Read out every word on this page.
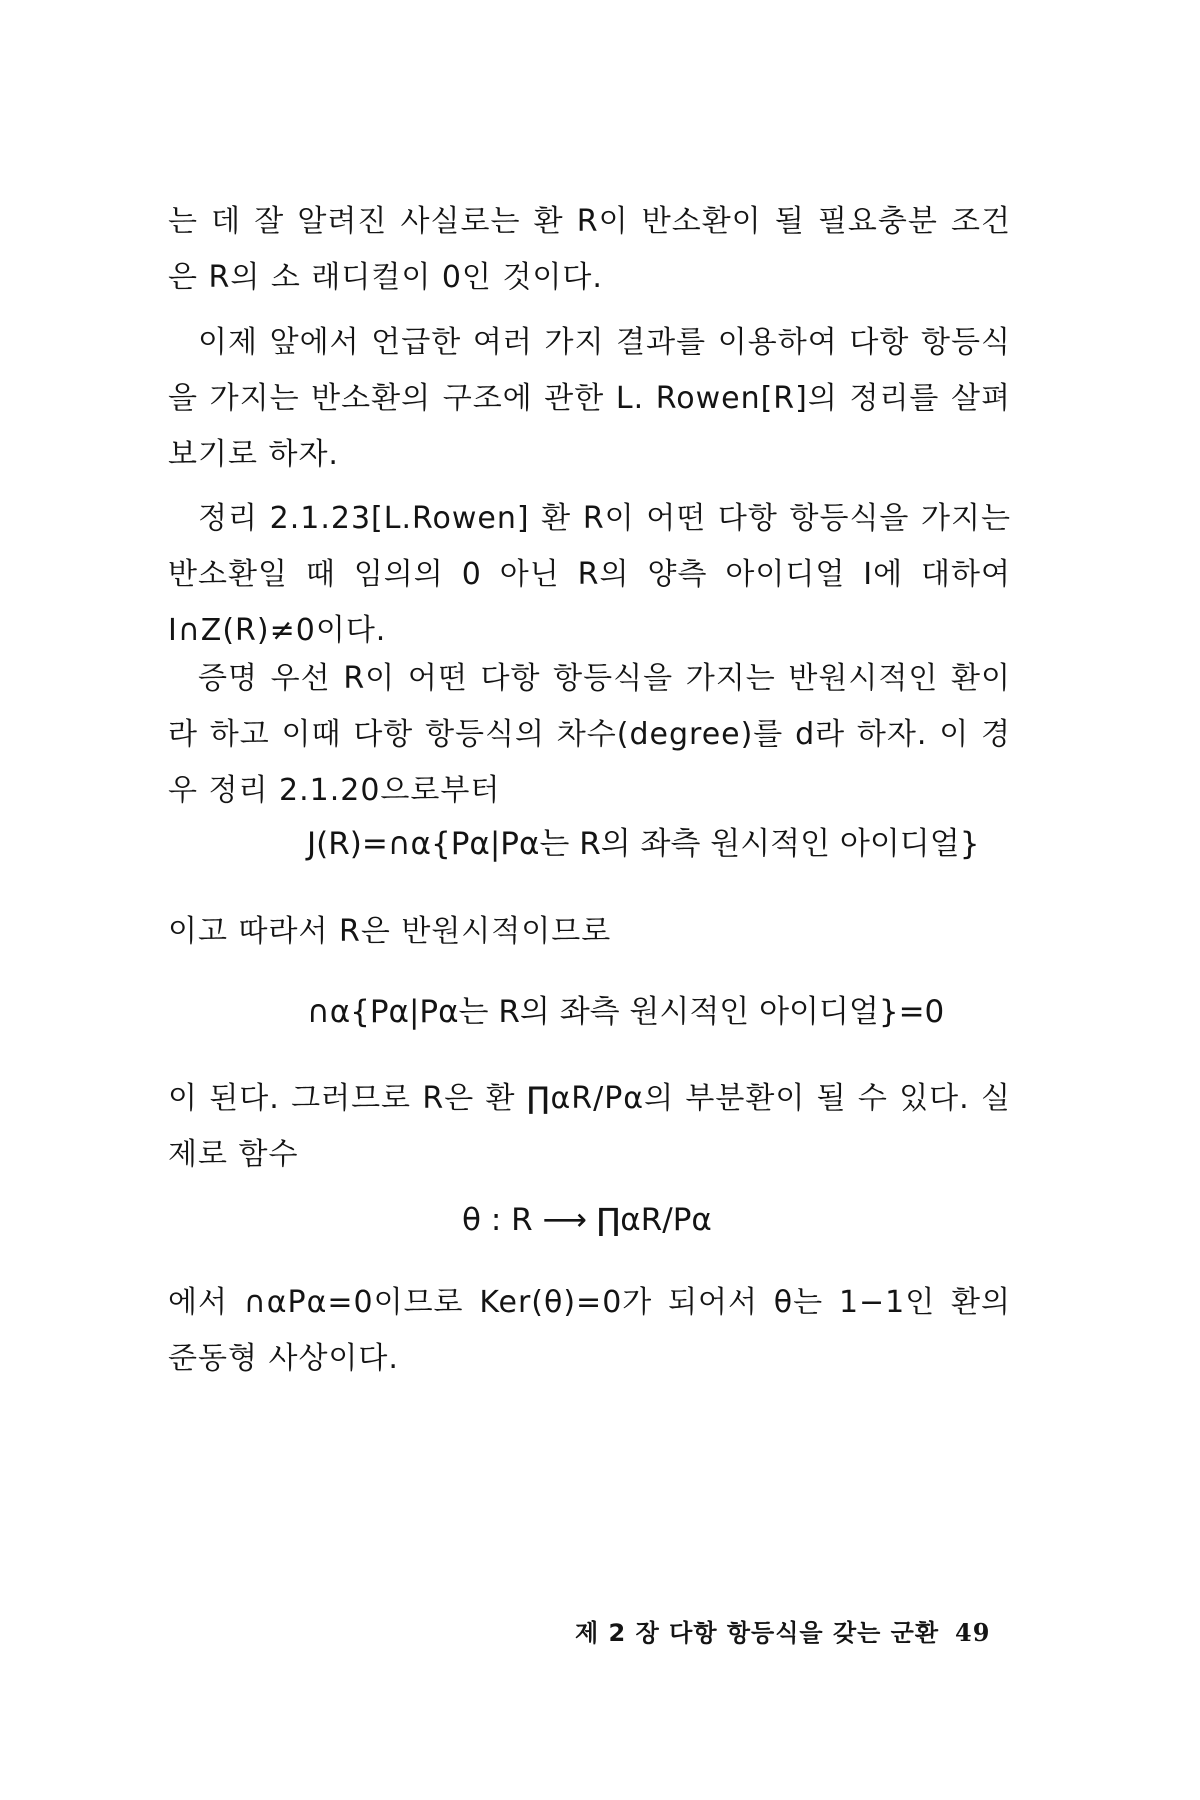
는 데 잘 알려진 사실로는 환 R이 반소환이 될 필요충분 조건은 R의 소 래디컬이 0인 것이다.

이제 앞에서 언급한 여러 가지 결과를 이용하여 다항 항등식을 가지는 반소환의 구조에 관한 L. Rowen[R]의 정리를 살펴보기로 하자.

정리 2.1.23[L.Rowen] 환 R이 어떤 다항 항등식을 가지는 반소환일 때 임의의 0 아닌 R의 양측 아이디얼 I에 대하여 I∩Z(R)≠0이다.

증명 우선 R이 어떤 다항 항등식을 가지는 반원시적인 환이라 하고 이때 다항 항등식의 차수(degree)를 d라 하자. 이 경우 정리 2.1.20으로부터

J(R)=∩α{Pα|Pα는 R의 좌측 원시적인 아이디얼}

이고 따라서 R은 반원시적이므로

∩α{Pα|Pα는 R의 좌측 원시적인 아이디얼}=0

이 된다. 그러므로 R은 환 ∏αR/Pα의 부분환이 될 수 있다. 실제로 함수

θ : R ⟶ ∏αR/Pα

에서 ∩αPα=0이므로 Ker(θ)=0가 되어서 θ는 1−1인 환의 준동형 사상이다.

제 2 장 다항 항등식을 갖는 군환 49
